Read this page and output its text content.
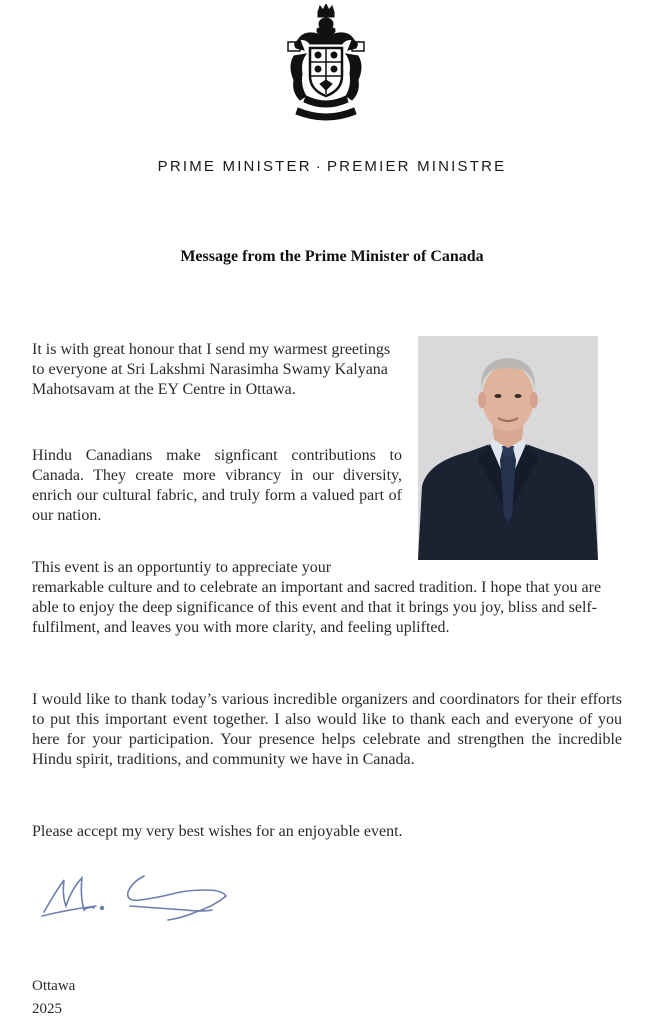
PRIME MINISTER · PREMIER MINISTRE
Message from the Prime Minister of Canada

It is with great honour that I send my warmest greetings to everyone at Sri Lakshmi Narasimha Swamy Kalyana Mahotsavam at the EY Centre in Ottawa.

Hindu Canadians make signficant contributions to Canada. They create more vibrancy in our diversity, enrich our cultural fabric, and truly form a valued part of our nation.

This event is an opportuntiy to appreciate your
remarkable culture and to celebrate an important and sacred tradition. I hope that you are able to enjoy the deep significance of this event and that it brings you joy, bliss and self-fulfilment, and leaves you with more clarity, and feeling uplifted.

I would like to thank today’s various incredible organizers and coordinators for their efforts to put this important event together. I also would like to thank each and everyone of you here for your participation. Your presence helps celebrate and strengthen the incredible Hindu spirit, traditions, and community we have in Canada.

Please accept my very best wishes for an enjoyable event.

Ottawa
2025
